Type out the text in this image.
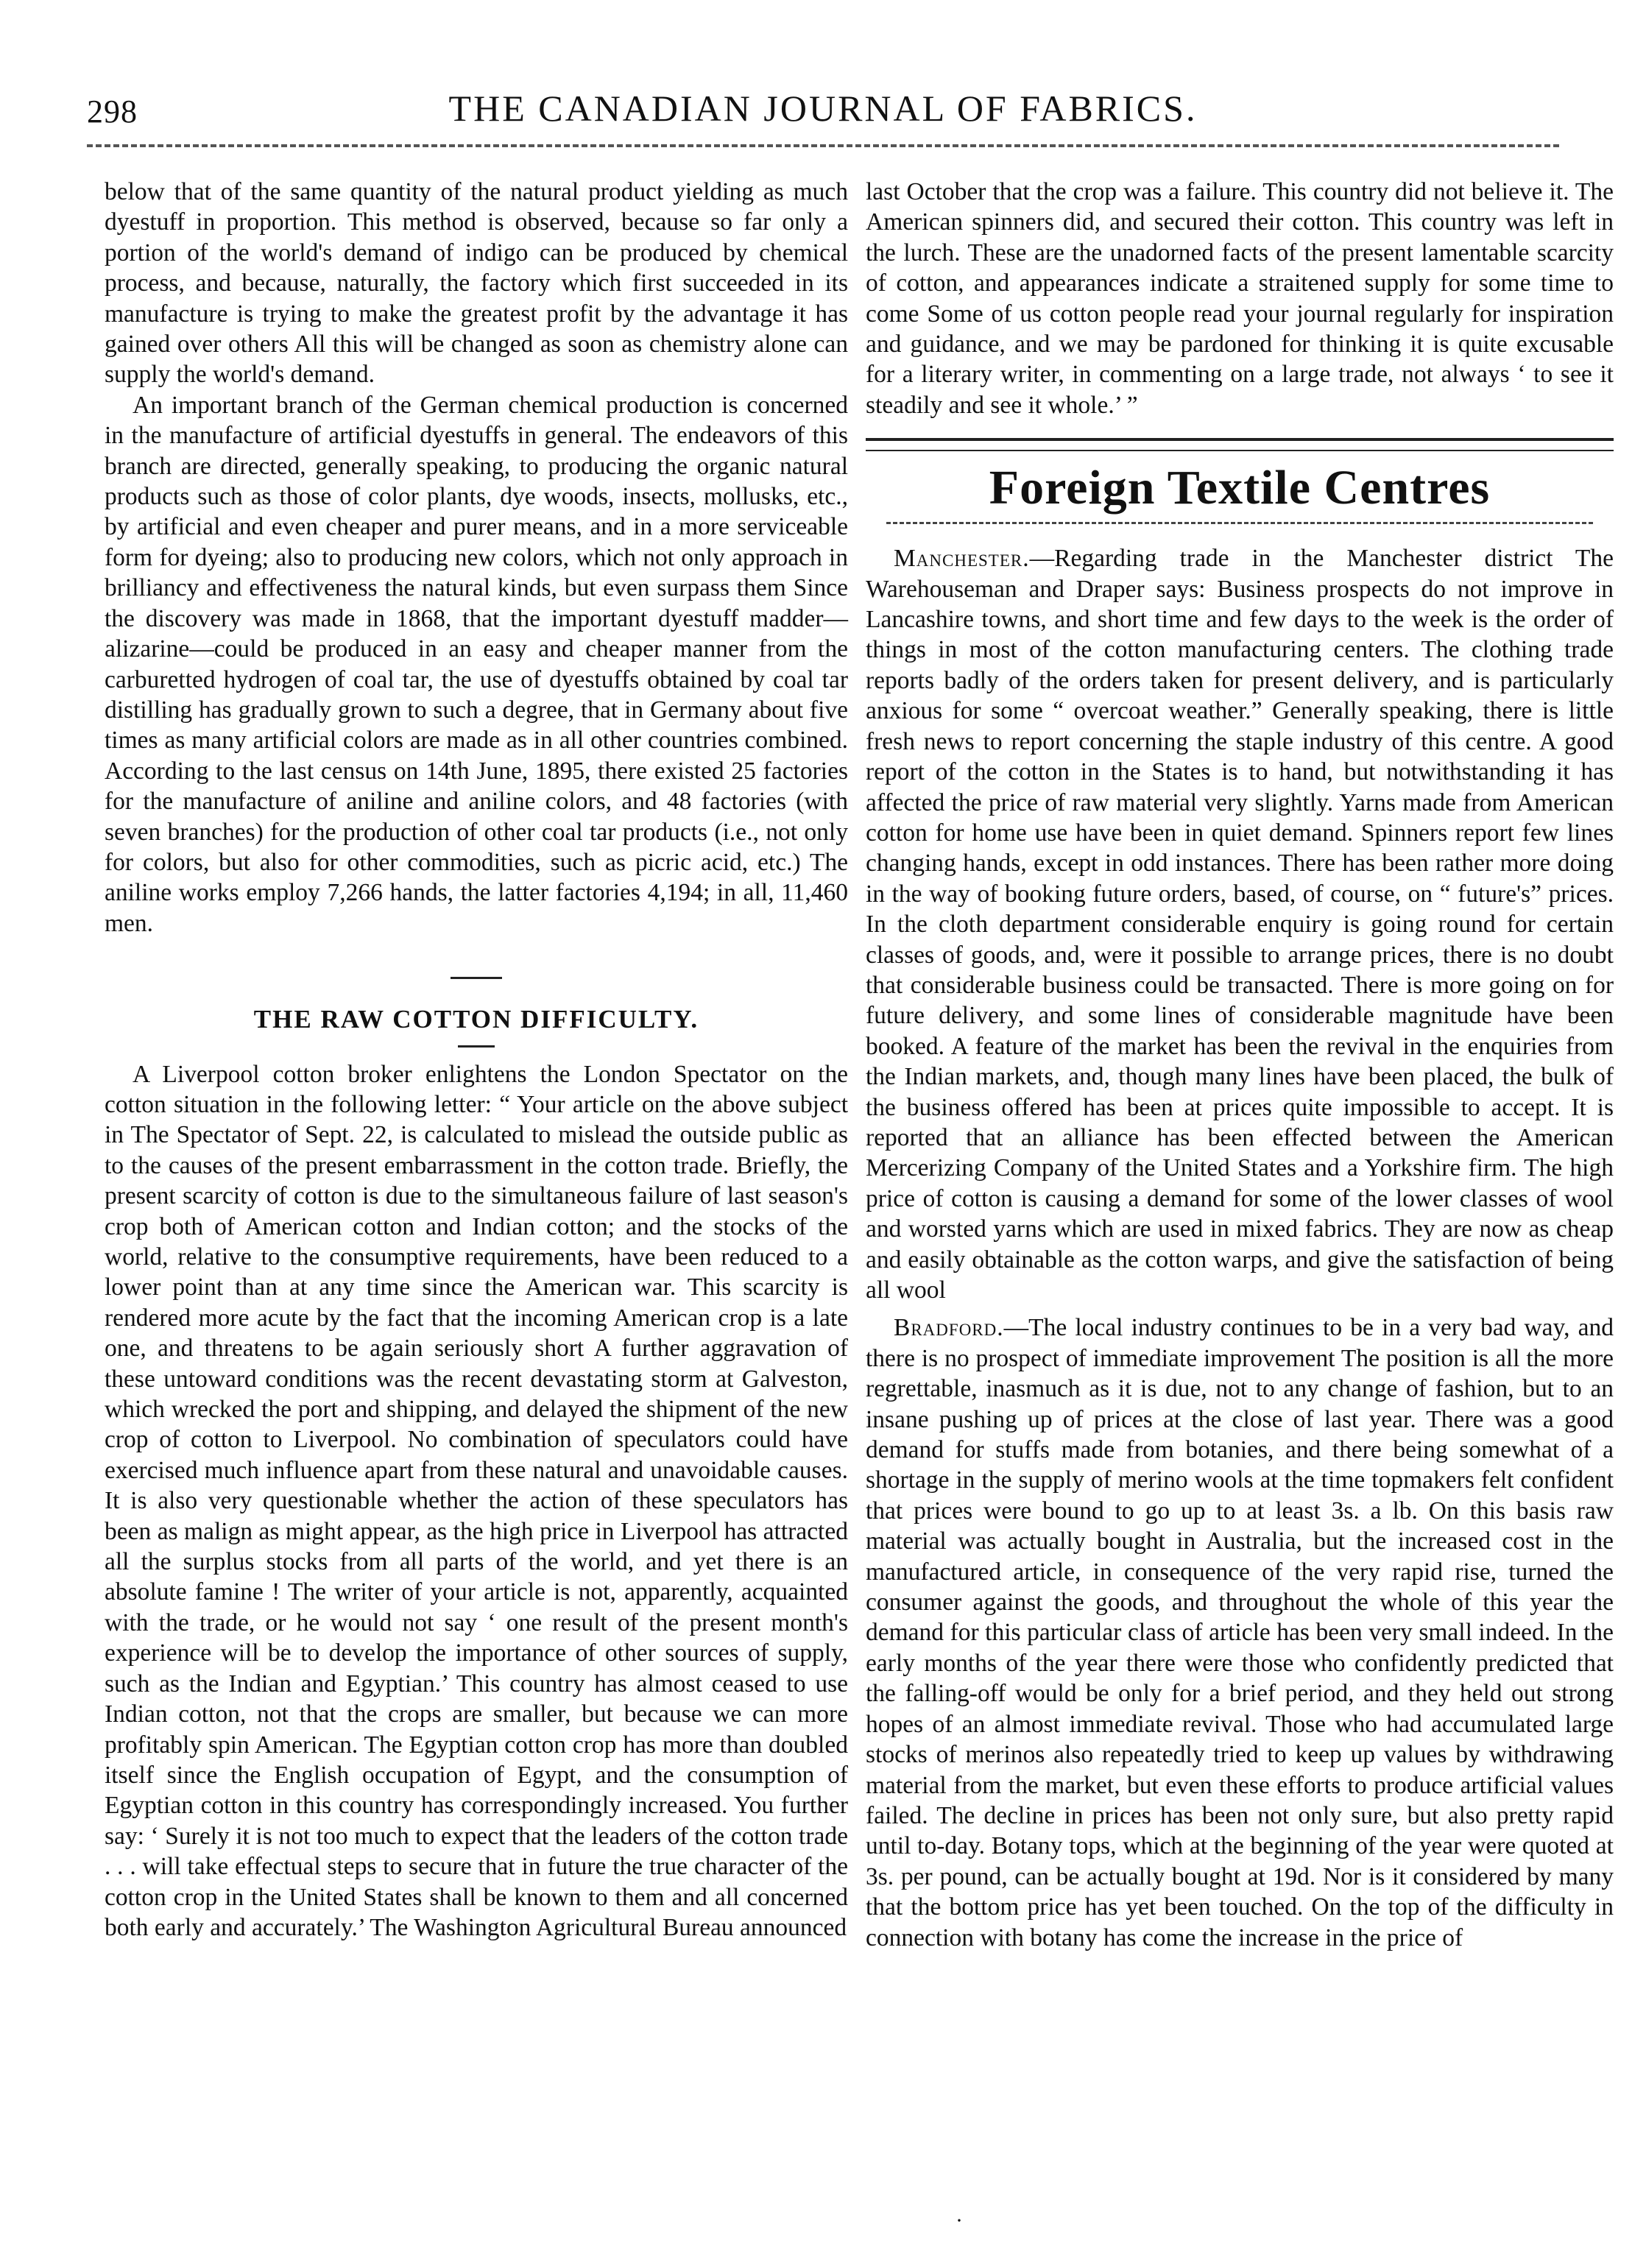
298	THE CANADIAN JOURNAL OF FABRICS.

below that of the same quantity of the natural product yielding as much dyestuff in proportion. This method is observed, because so far only a portion of the world's demand of indigo can be produced by chemical process, and because, naturally, the factory which first succeeded in its manufacture is trying to make the greatest profit by the advantage it has gained over others All this will be changed as soon as chemistry alone can supply the world's demand.

An important branch of the German chemical production is concerned in the manufacture of artificial dyestuffs in general. The endeavors of this branch are directed, generally speaking, to producing the organic natural products such as those of color plants, dye woods, insects, mollusks, etc., by artificial and even cheaper and purer means, and in a more serviceable form for dyeing; also to producing new colors, which not only approach in brilliancy and effectiveness the natural kinds, but even surpass them Since the discovery was made in 1868, that the important dyestuff madder—alizarine—could be produced in an easy and cheaper manner from the carburetted hydrogen of coal tar, the use of dyestuffs obtained by coal tar distilling has gradually grown to such a degree, that in Germany about five times as many artificial colors are made as in all other countries combined. According to the last census on 14th June, 1895, there existed 25 factories for the manufacture of aniline and aniline colors, and 48 factories (with seven branches) for the production of other coal tar products (i.e., not only for colors, but also for other commodities, such as picric acid, etc.) The aniline works employ 7,266 hands, the latter factories 4,194; in all, 11,460 men.

THE RAW COTTON DIFFICULTY.

A Liverpool cotton broker enlightens the London Spectator on the cotton situation in the following letter: “ Your article on the above subject in The Spectator of Sept. 22, is calculated to mislead the outside public as to the causes of the present embarrassment in the cotton trade. Briefly, the present scarcity of cotton is due to the simultaneous failure of last season's crop both of American cotton and Indian cotton; and the stocks of the world, relative to the consumptive requirements, have been reduced to a lower point than at any time since the American war. This scarcity is rendered more acute by the fact that the incoming American crop is a late one, and threatens to be again seriously short A further aggravation of these untoward conditions was the recent devastating storm at Galveston, which wrecked the port and shipping, and delayed the shipment of the new crop of cotton to Liverpool. No combination of speculators could have exercised much influence apart from these natural and unavoidable causes. It is also very questionable whether the action of these speculators has been as malign as might appear, as the high price in Liverpool has attracted all the surplus stocks from all parts of the world, and yet there is an absolute famine ! The writer of your article is not, apparently, acquainted with the trade, or he would not say ‘ one result of the present month's experience will be to develop the importance of other sources of supply, such as the Indian and Egyptian.’ This country has almost ceased to use Indian cotton, not that the crops are smaller, but because we can more profitably spin American. The Egyptian cotton crop has more than doubled itself since the English occupation of Egypt, and the consumption of Egyptian cotton in this country has correspondingly increased. You further say: ‘ Surely it is not too much to expect that the leaders of the cotton trade . . . will take effectual steps to secure that in future the true character of the cotton crop in the United States shall be known to them and all concerned both early and accurately.’ The Washington Agricultural Bureau announced

last October that the crop was a failure. This country did not believe it. The American spinners did, and secured their cotton. This country was left in the lurch. These are the unadorned facts of the present lamentable scarcity of cotton, and appearances indicate a straitened supply for some time to come Some of us cotton people read your journal regularly for inspiration and guidance, and we may be pardoned for thinking it is quite excusable for a literary writer, in commenting on a large trade, not always ‘ to see it steadily and see it whole.’ ”

Foreign Textile Centres

Manchester.—Regarding trade in the Manchester district The Warehouseman and Draper says: Business prospects do not improve in Lancashire towns, and short time and few days to the week is the order of things in most of the cotton manufacturing centers. The clothing trade reports badly of the orders taken for present delivery, and is particularly anxious for some “ overcoat weather.” Generally speaking, there is little fresh news to report concerning the staple industry of this centre. A good report of the cotton in the States is to hand, but notwithstanding it has affected the price of raw material very slightly. Yarns made from American cotton for home use have been in quiet demand. Spinners report few lines changing hands, except in odd instances. There has been rather more doing in the way of booking future orders, based, of course, on “ future's” prices. In the cloth department considerable enquiry is going round for certain classes of goods, and, were it possible to arrange prices, there is no doubt that considerable business could be transacted. There is more going on for future delivery, and some lines of considerable magnitude have been booked. A feature of the market has been the revival in the enquiries from the Indian markets, and, though many lines have been placed, the bulk of the business offered has been at prices quite impossible to accept. It is reported that an alliance has been effected between the American Mercerizing Company of the United States and a Yorkshire firm. The high price of cotton is causing a demand for some of the lower classes of wool and worsted yarns which are used in mixed fabrics. They are now as cheap and easily obtainable as the cotton warps, and give the satisfaction of being all wool

Bradford.—The local industry continues to be in a very bad way, and there is no prospect of immediate improvement The position is all the more regrettable, inasmuch as it is due, not to any change of fashion, but to an insane pushing up of prices at the close of last year. There was a good demand for stuffs made from botanies, and there being somewhat of a shortage in the supply of merino wools at the time topmakers felt confident that prices were bound to go up to at least 3s. a lb. On this basis raw material was actually bought in Australia, but the increased cost in the manufactured article, in consequence of the very rapid rise, turned the consumer against the goods, and throughout the whole of this year the demand for this particular class of article has been very small indeed. In the early months of the year there were those who confidently predicted that the falling-off would be only for a brief period, and they held out strong hopes of an almost immediate revival. Those who had accumulated large stocks of merinos also repeatedly tried to keep up values by withdrawing material from the market, but even these efforts to produce artificial values failed. The decline in prices has been not only sure, but also pretty rapid until to-day. Botany tops, which at the beginning of the year were quoted at 3s. per pound, can be actually bought at 19d. Nor is it considered by many that the bottom price has yet been touched. On the top of the difficulty in connection with botany has come the increase in the price of

·
